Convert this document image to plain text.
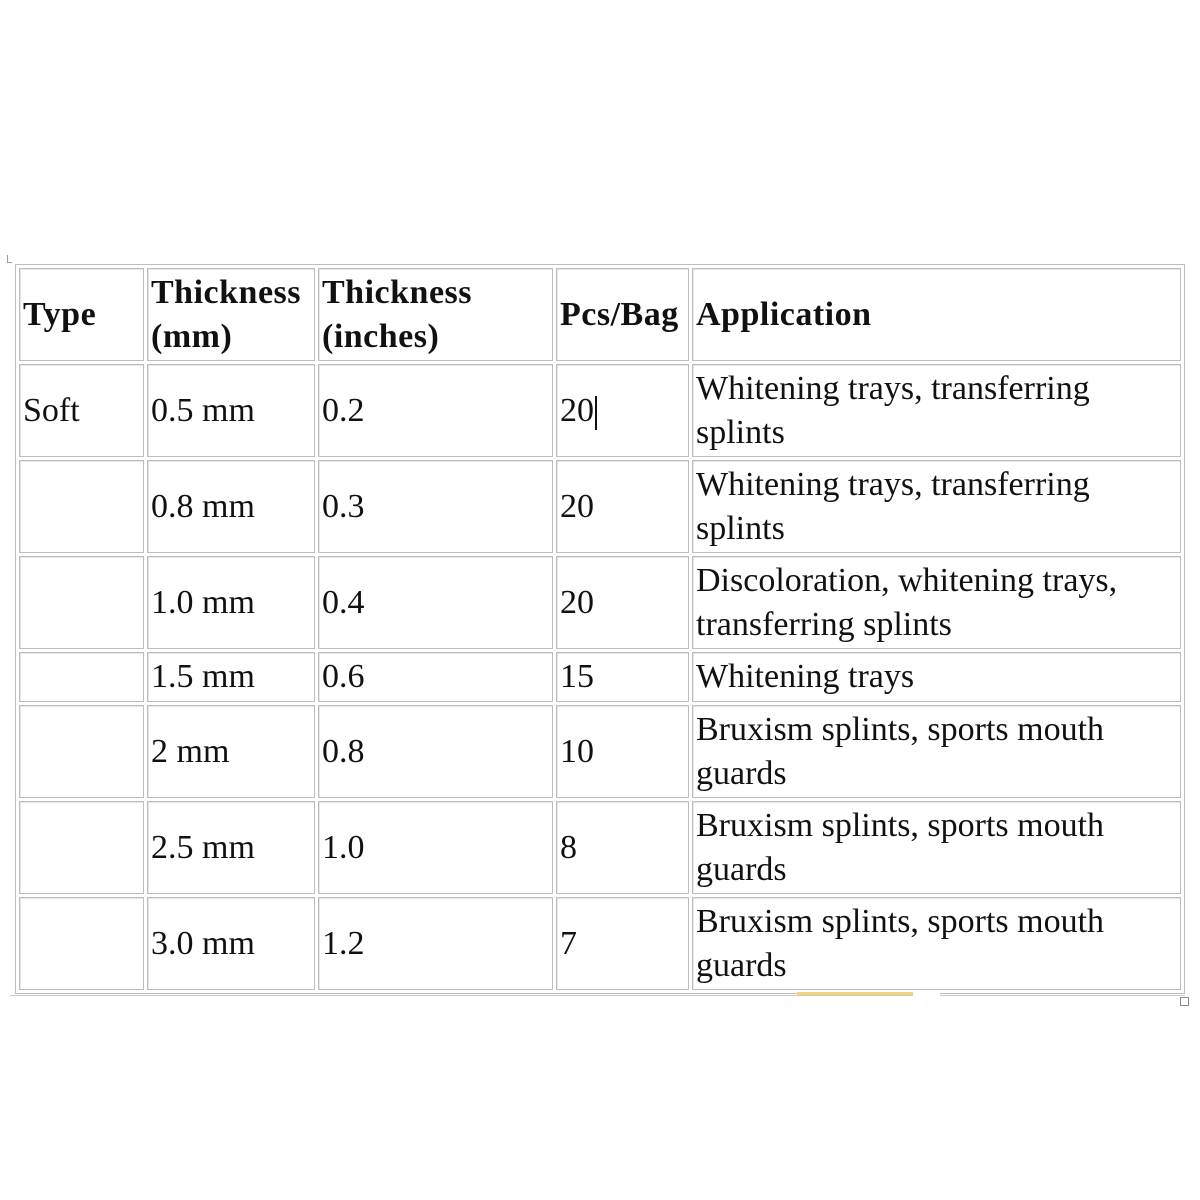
Type	Thickness (mm)	Thickness (inches)	Pcs/Bag	Application
Soft	0.5 mm	0.2	20	Whitening trays, transferring splints
	0.8 mm	0.3	20	Whitening trays, transferring splints
	1.0 mm	0.4	20	Discoloration, whitening trays, transferring splints
	1.5 mm	0.6	15	Whitening trays
	2 mm	0.8	10	Bruxism splints, sports mouth guards
	2.5 mm	1.0	8	Bruxism splints, sports mouth guards
	3.0 mm	1.2	7	Bruxism splints, sports mouth guards
